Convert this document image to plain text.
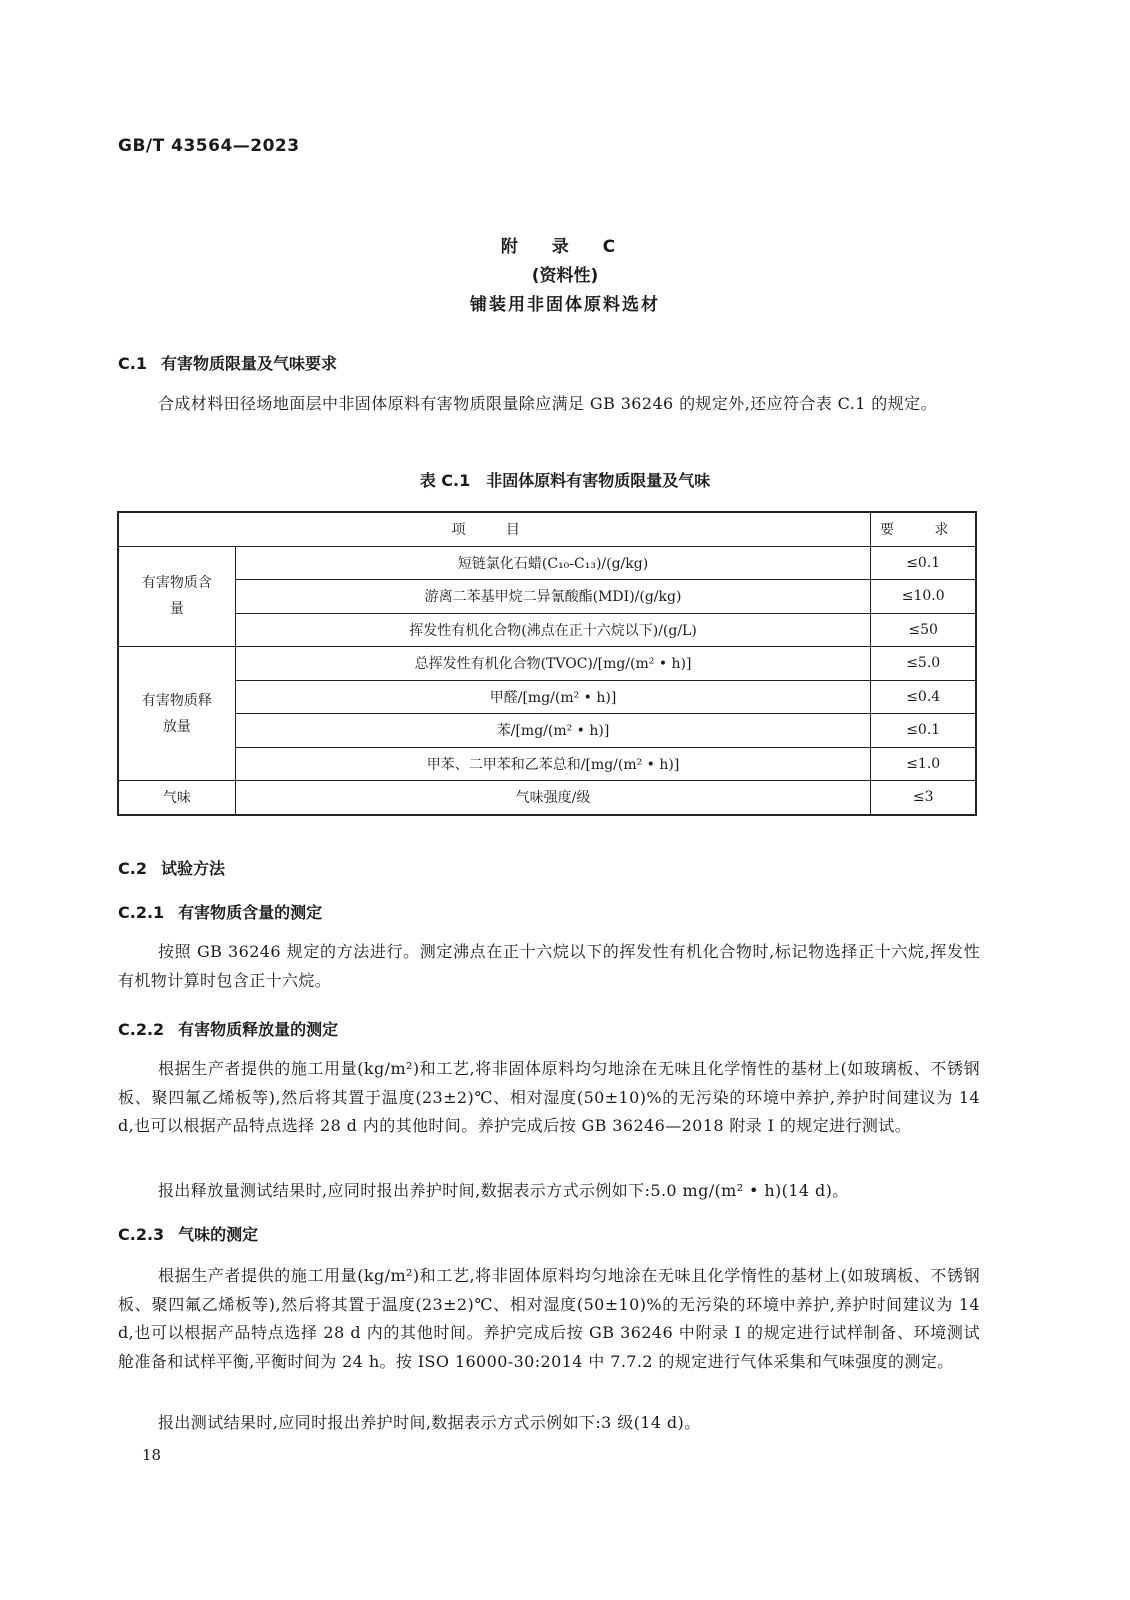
GB/T 43564—2023
附 录 C
(资料性)
铺装用非固体原料选材
C.1 有害物质限量及气味要求
合成材料田径场地面层中非固体原料有害物质限量除应满足 GB 36246 的规定外,还应符合表 C.1 的规定。
表 C.1 非固体原料有害物质限量及气味
项 目		要 求
有害物质含量	短链氯化石蜡(C₁₀-C₁₃)/(g/kg)	≤0.1
	游离二苯基甲烷二异氰酸酯(MDI)/(g/kg)	≤10.0
	挥发性有机化合物(沸点在正十六烷以下)/(g/L)	≤50
有害物质释放量	总挥发性有机化合物(TVOC)/[mg/(m² • h)]	≤5.0
	甲醛/[mg/(m² • h)]	≤0.4
	苯/[mg/(m² • h)]	≤0.1
	甲苯、二甲苯和乙苯总和/[mg/(m² • h)]	≤1.0
气味	气味强度/级	≤3
C.2 试验方法
C.2.1 有害物质含量的测定
按照 GB 36246 规定的方法进行。测定沸点在正十六烷以下的挥发性有机化合物时,标记物选择正十六烷,挥发性有机物计算时包含正十六烷。
C.2.2 有害物质释放量的测定
根据生产者提供的施工用量(kg/m²)和工艺,将非固体原料均匀地涂在无味且化学惰性的基材上(如玻璃板、不锈钢板、聚四氟乙烯板等),然后将其置于温度(23±2)℃、相对湿度(50±10)%的无污染的环境中养护,养护时间建议为 14 d,也可以根据产品特点选择 28 d 内的其他时间。养护完成后按 GB 36246—2018 附录 I 的规定进行测试。
报出释放量测试结果时,应同时报出养护时间,数据表示方式示例如下:5.0 mg/(m² • h)(14 d)。
C.2.3 气味的测定
根据生产者提供的施工用量(kg/m²)和工艺,将非固体原料均匀地涂在无味且化学惰性的基材上(如玻璃板、不锈钢板、聚四氟乙烯板等),然后将其置于温度(23±2)℃、相对湿度(50±10)%的无污染的环境中养护,养护时间建议为 14 d,也可以根据产品特点选择 28 d 内的其他时间。养护完成后按 GB 36246 中附录 I 的规定进行试样制备、环境测试舱准备和试样平衡,平衡时间为 24 h。按 ISO 16000-30:2014 中 7.7.2 的规定进行气体采集和气味强度的测定。
报出测试结果时,应同时报出养护时间,数据表示方式示例如下:3 级(14 d)。
18
